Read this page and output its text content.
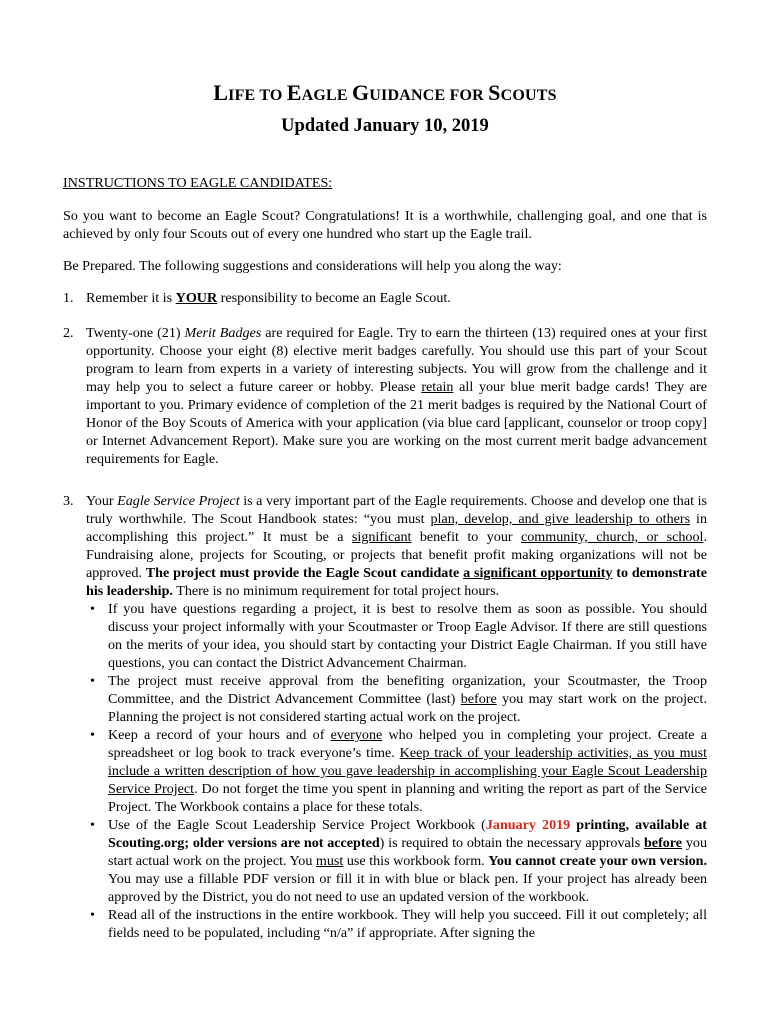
LIFE TO EAGLE GUIDANCE FOR SCOUTS
Updated January 10, 2019
INSTRUCTIONS TO EAGLE CANDIDATES:

So you want to become an Eagle Scout? Congratulations! It is a worthwhile, challenging goal, and one that is achieved by only four Scouts out of every one hundred who start up the Eagle trail.

Be Prepared. The following suggestions and considerations will help you along the way:

1. Remember it is YOUR responsibility to become an Eagle Scout.
2. Twenty-one (21) Merit Badges are required for Eagle. Try to earn the thirteen (13) required ones at your first opportunity. Choose your eight (8) elective merit badges carefully. You should use this part of your Scout program to learn from experts in a variety of interesting subjects. You will grow from the challenge and it may help you to select a future career or hobby. Please retain all your blue merit badge cards! They are important to you. Primary evidence of completion of the 21 merit badges is required by the National Court of Honor of the Boy Scouts of America with your application (via blue card [applicant, counselor or troop copy] or Internet Advancement Report). Make sure you are working on the most current merit badge advancement requirements for Eagle.
3. Your Eagle Service Project is a very important part of the Eagle requirements. Choose and develop one that is truly worthwhile. The Scout Handbook states: “you must plan, develop, and give leadership to others in accomplishing this project.” It must be a significant benefit to your community, church, or school. Fundraising alone, projects for Scouting, or projects that benefit profit making organizations will not be approved. The project must provide the Eagle Scout candidate a significant opportunity to demonstrate his leadership. There is no minimum requirement for total project hours.
• If you have questions regarding a project, it is best to resolve them as soon as possible. You should discuss your project informally with your Scoutmaster or Troop Eagle Advisor. If there are still questions on the merits of your idea, you should start by contacting your District Eagle Chairman. If you still have questions, you can contact the District Advancement Chairman.
• The project must receive approval from the benefiting organization, your Scoutmaster, the Troop Committee, and the District Advancement Committee (last) before you may start work on the project. Planning the project is not considered starting actual work on the project.
• Keep a record of your hours and of everyone who helped you in completing your project. Create a spreadsheet or log book to track everyone’s time. Keep track of your leadership activities, as you must include a written description of how you gave leadership in accomplishing your Eagle Scout Leadership Service Project. Do not forget the time you spent in planning and writing the report as part of the Service Project. The Workbook contains a place for these totals.
• Use of the Eagle Scout Leadership Service Project Workbook (January 2019 printing, available at Scouting.org; older versions are not accepted) is required to obtain the necessary approvals before you start actual work on the project. You must use this workbook form. You cannot create your own version. You may use a fillable PDF version or fill it in with blue or black pen. If your project has already been approved by the District, you do not need to use an updated version of the workbook.
• Read all of the instructions in the entire workbook. They will help you succeed. Fill it out completely; all fields need to be populated, including “n/a” if appropriate. After signing the
